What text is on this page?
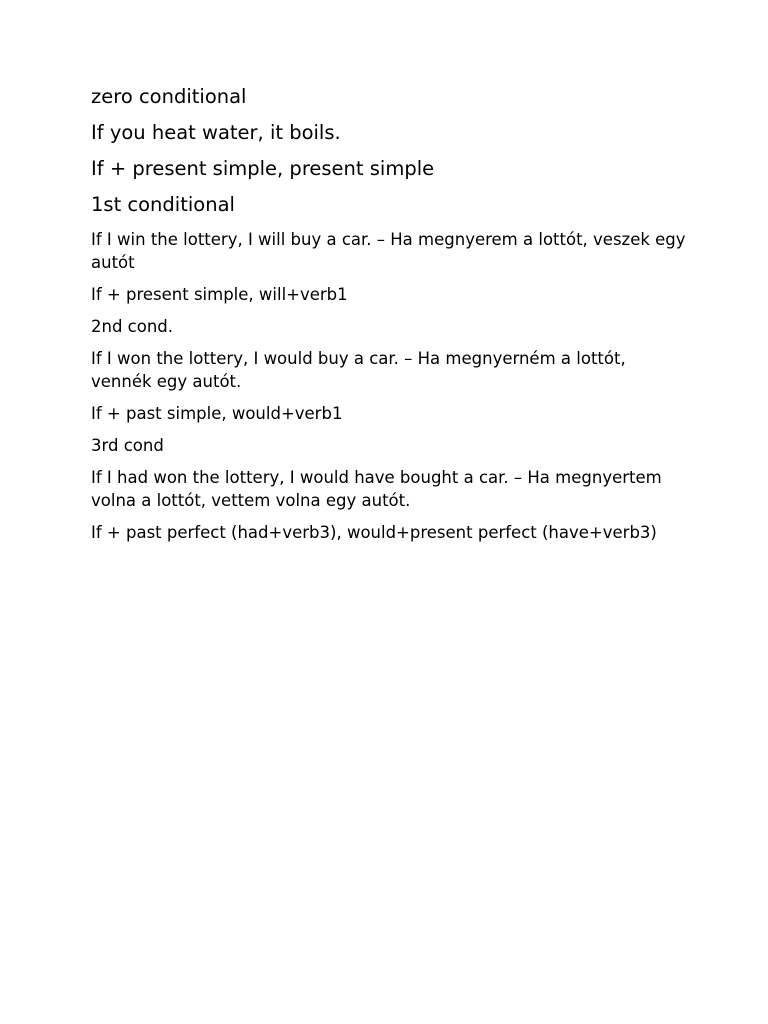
zero conditional

If you heat water, it boils.

If + present simple, present simple

1st conditional

If I win the lottery, I will buy a car. – Ha megnyerem a lottót, veszek egy autót

If + present simple, will+verb1

2nd cond.

If I won the lottery, I would buy a car. – Ha megnyerném a lottót, vennék egy autót.

If + past simple, would+verb1

3rd cond

If I had won the lottery, I would have bought a car. – Ha megnyertem volna a lottót, vettem volna egy autót.

If + past perfect (had+verb3), would+present perfect (have+verb3)
